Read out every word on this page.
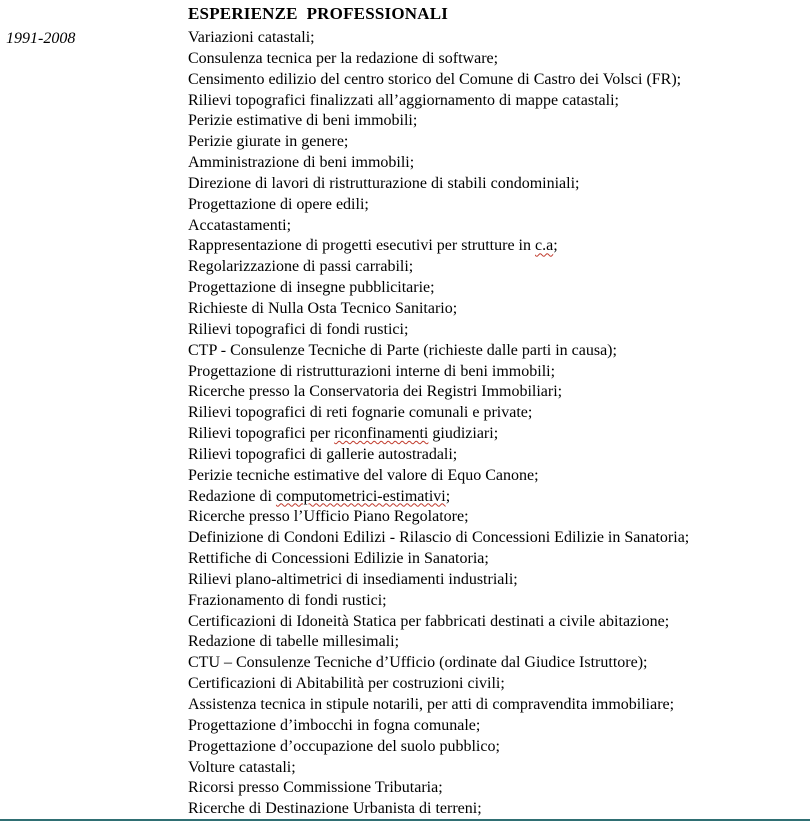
ESPERIENZE  PROFESSIONALI
1991-2008	Variazioni catastali;
Consulenza tecnica per la redazione di software;
Censimento edilizio del centro storico del Comune di Castro dei Volsci (FR);
Rilievi topografici finalizzati all’aggiornamento di mappe catastali;
Perizie estimative di beni immobili;
Perizie giurate in genere;
Amministrazione di beni immobili;
Direzione di lavori di ristrutturazione di stabili condominiali;
Progettazione di opere edili;
Accatastamenti;
Rappresentazione di progetti esecutivi per strutture in c.a;
Regolarizzazione di passi carrabili;
Progettazione di insegne pubblicitarie;
Richieste di Nulla Osta Tecnico Sanitario;
Rilievi topografici di fondi rustici;
CTP - Consulenze Tecniche di Parte (richieste dalle parti in causa);
Progettazione di ristrutturazioni interne di beni immobili;
Ricerche presso la Conservatoria dei Registri Immobiliari;
Rilievi topografici di reti fognarie comunali e private;
Rilievi topografici per riconfinamenti giudiziari;
Rilievi topografici di gallerie autostradali;
Perizie tecniche estimative del valore di Equo Canone;
Redazione di computometrici-estimativi;
Ricerche presso l’Ufficio Piano Regolatore;
Definizione di Condoni Edilizi - Rilascio di Concessioni Edilizie in Sanatoria;
Rettifiche di Concessioni Edilizie in Sanatoria;
Rilievi plano-altimetrici di insediamenti industriali;
Frazionamento di fondi rustici;
Certificazioni di Idoneità Statica per fabbricati destinati a civile abitazione;
Redazione di tabelle millesimali;
CTU – Consulenze Tecniche d’Ufficio (ordinate dal Giudice Istruttore);
Certificazioni di Abitabilità per costruzioni civili;
Assistenza tecnica in stipule notarili, per atti di compravendita immobiliare;
Progettazione d’imbocchi in fogna comunale;
Progettazione d’occupazione del suolo pubblico;
Volture catastali;
Ricorsi presso Commissione Tributaria;
Ricerche di Destinazione Urbanista di terreni;
